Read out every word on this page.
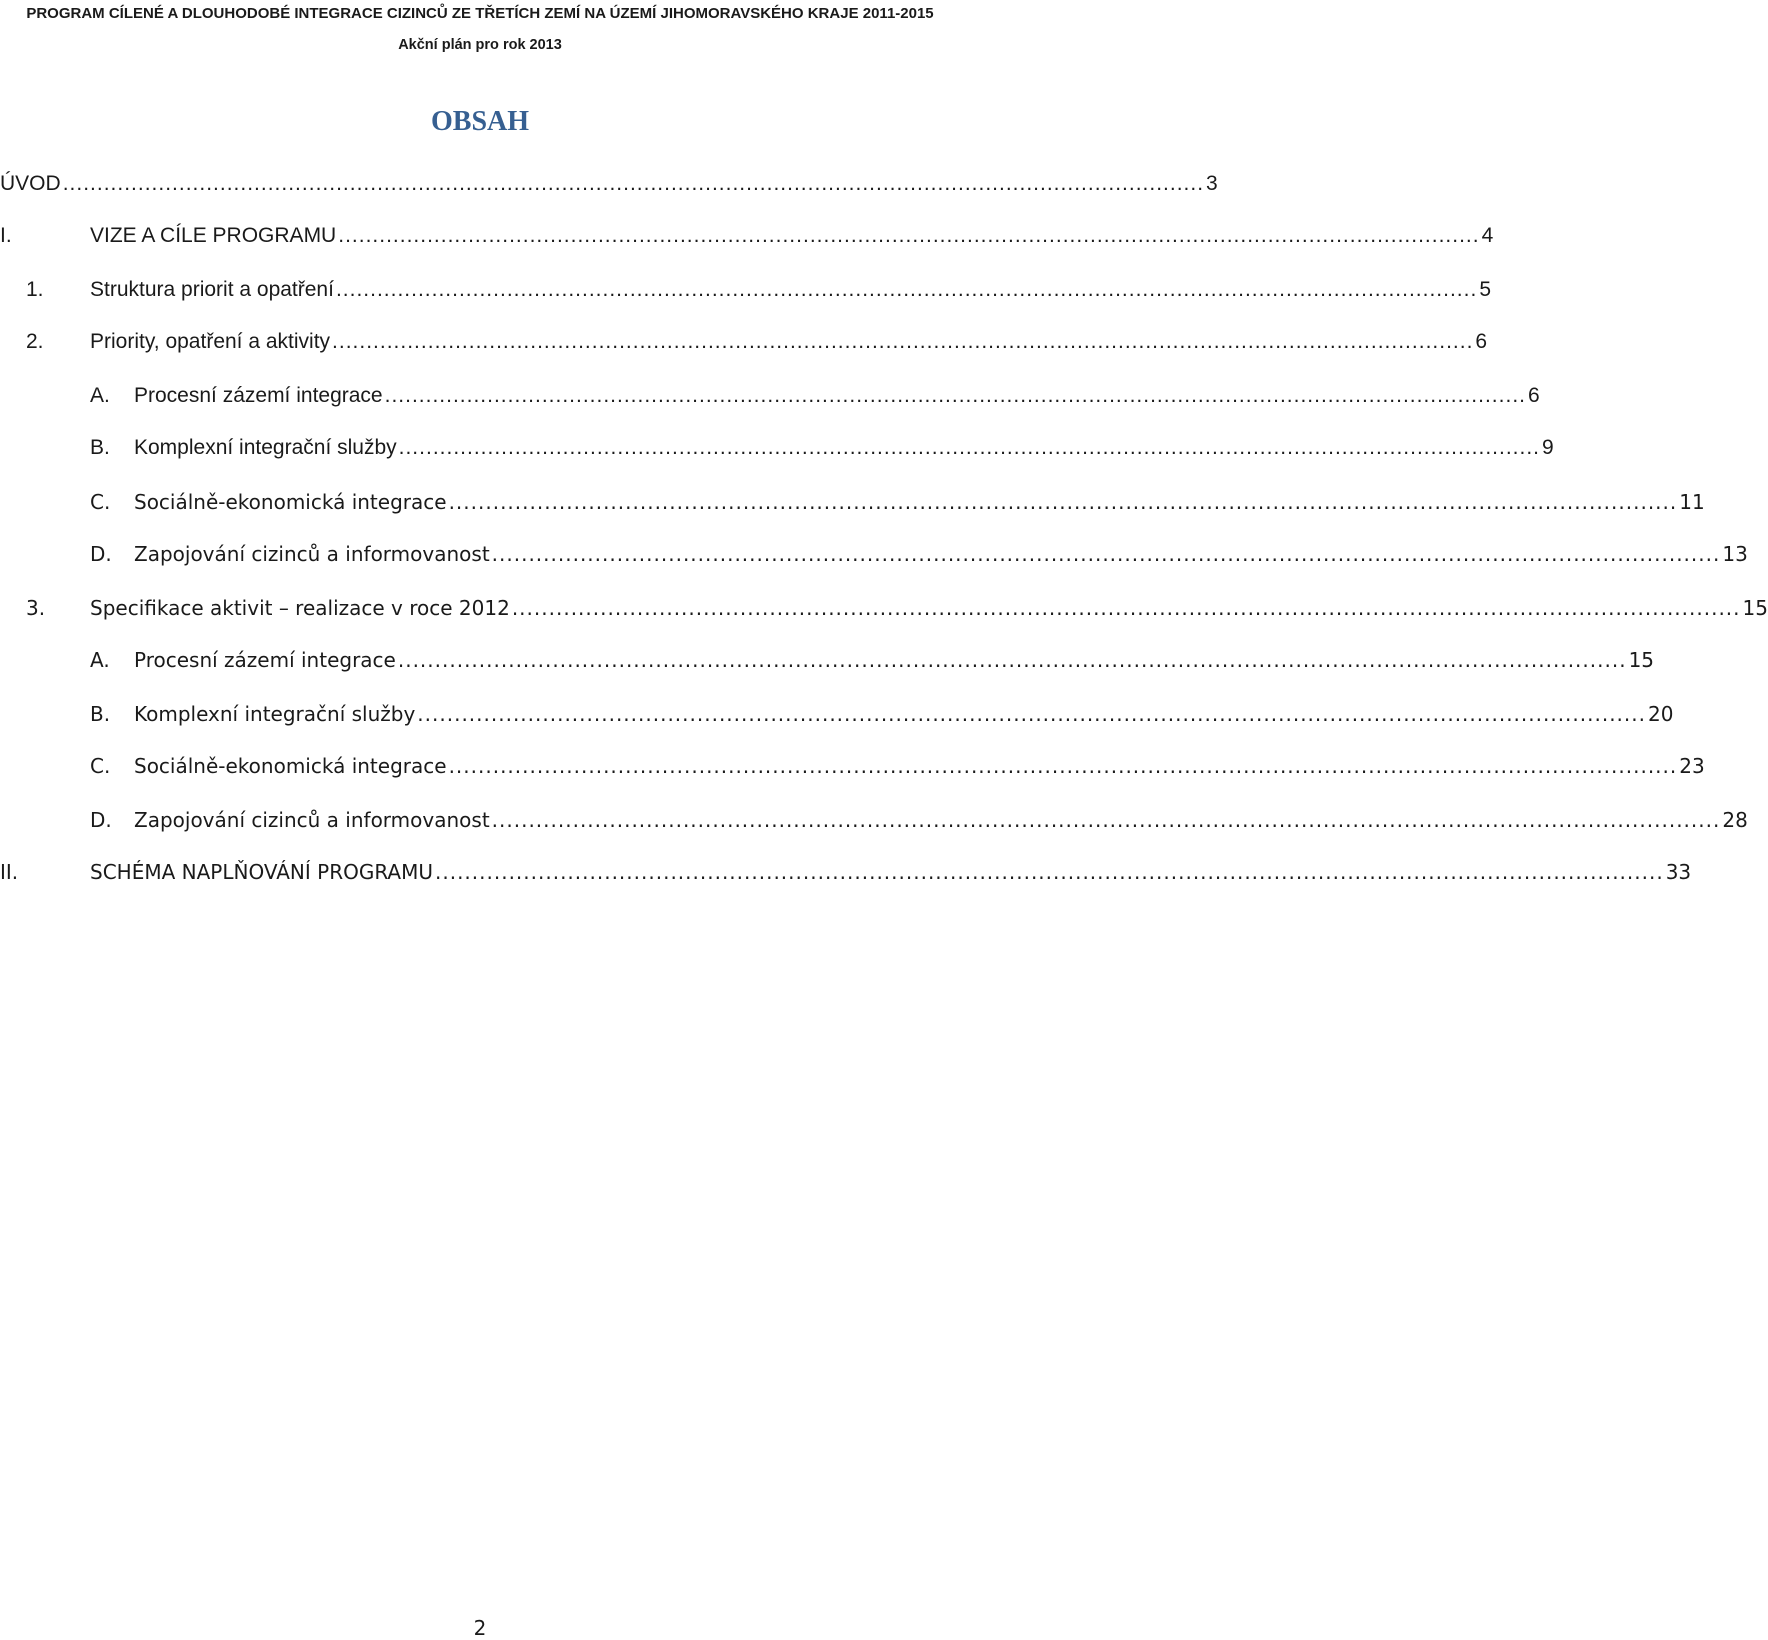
PROGRAM CÍLENÉ A DLOUHODOBÉ INTEGRACE CIZINCŮ ZE TŘETÍCH ZEMÍ NA ÚZEMÍ JIHOMORAVSKÉHO KRAJE 2011-2015
Akční plán pro rok 2013
OBSAH
ÚVOD ....................................................................................................................................................................... 3
I.	VIZE A CÍLE PROGRAMU ....................................................................................................................................................................... 4
1. Struktura priorit a opatření ....................................................................................................................................................................... 5
2. Priority, opatření a aktivity ....................................................................................................................................................................... 6
A. Procesní zázemí integrace ....................................................................................................................................................................... 6
B. Komplexní integrační služby ....................................................................................................................................................................... 9
C. Sociálně-ekonomická integrace ....................................................................................................................................................................... 11
D. Zapojování cizinců a informovanost ....................................................................................................................................................................... 13
3. Specifikace aktivit – realizace v roce 2012 ....................................................................................................................................................................... 15
A. Procesní zázemí integrace ....................................................................................................................................................................... 15
B. Komplexní integrační služby ....................................................................................................................................................................... 20
C. Sociálně-ekonomická integrace ....................................................................................................................................................................... 23
D. Zapojování cizinců a informovanost ....................................................................................................................................................................... 28
II.	SCHÉMA NAPLŇOVÁNÍ PROGRAMU ....................................................................................................................................................................... 33
2
